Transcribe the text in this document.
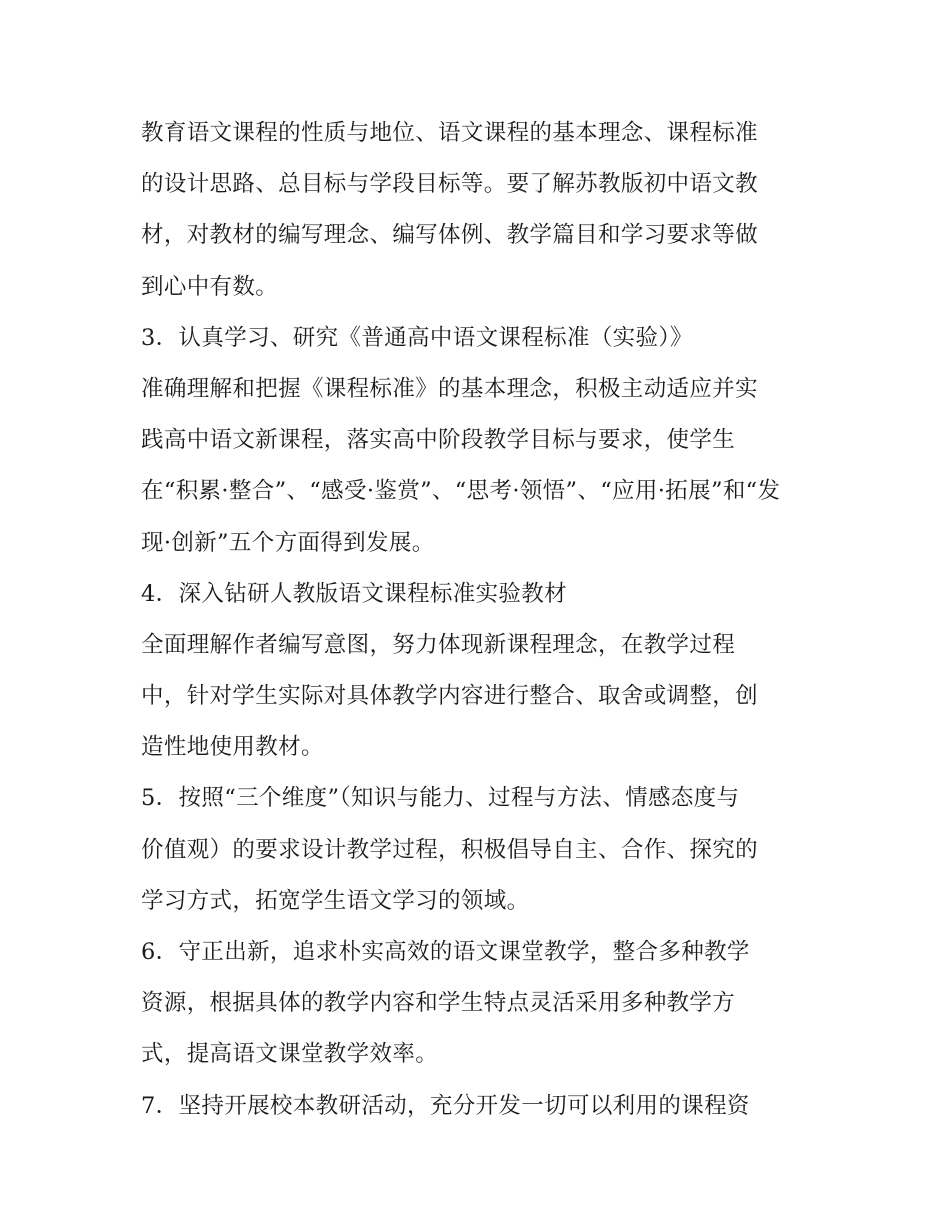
教育语文课程的性质与地位、语文课程的基本理念、课程标准
的设计思路、总目标与学段目标等。要了解苏教版初中语文教
材，对教材的编写理念、编写体例、教学篇目和学习要求等做
到心中有数。
3．认真学习、研究《普通高中语文课程标准（实验）》
准确理解和把握《课程标准》的基本理念，积极主动适应并实
践高中语文新课程，落实高中阶段教学目标与要求，使学生
在“积累·整合”、“感受·鉴赏”、“思考·领悟”、“应用·拓展”和“发
现·创新”五个方面得到发展。
4．深入钻研人教版语文课程标准实验教材
全面理解作者编写意图，努力体现新课程理念，在教学过程
中，针对学生实际对具体教学内容进行整合、取舍或调整，创
造性地使用教材。
5．按照“三个维度”（知识与能力、过程与方法、情感态度与
价值观）的要求设计教学过程，积极倡导自主、合作、探究的
学习方式，拓宽学生语文学习的领域。
6．守正出新，追求朴实高效的语文课堂教学，整合多种教学
资源，根据具体的教学内容和学生特点灵活采用多种教学方
式，提高语文课堂教学效率。
7．坚持开展校本教研活动，充分开发一切可以利用的课程资
